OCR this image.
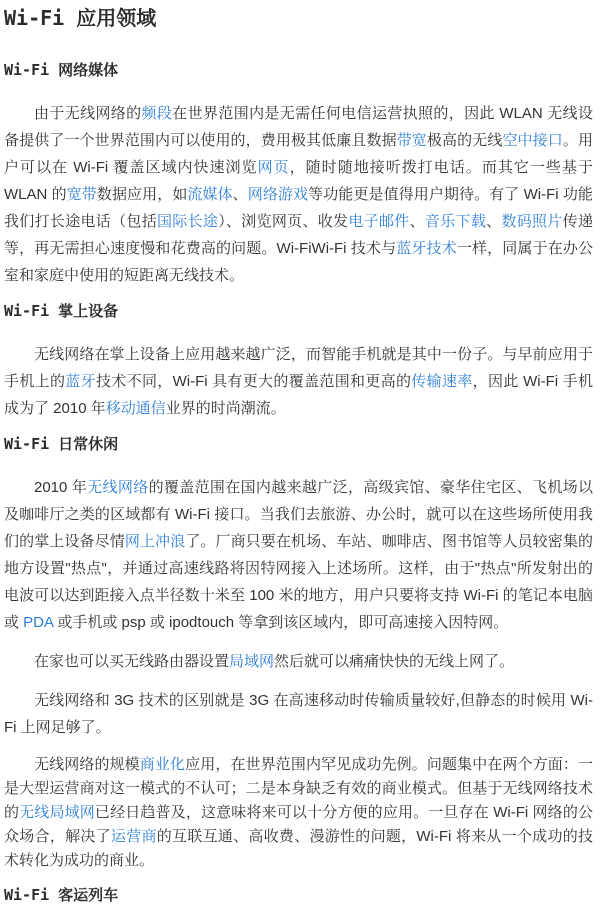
Wi-Fi 应用领域
Wi-Fi 网络媒体

由于无线网络的频段在世界范围内是无需任何电信运营执照的，因此 WLAN 无线设备提供了一个世界范围内可以使用的，费用极其低廉且数据带宽极高的无线空中接口。用户可以在 Wi-Fi 覆盖区域内快速浏览网页，随时随地接听拨打电话。而其它一些基于 WLAN 的宽带数据应用，如流媒体、网络游戏等功能更是值得用户期待。有了 Wi-Fi 功能我们打长途电话（包括国际长途）、浏览网页、收发电子邮件、音乐下载、数码照片传递等，再无需担心速度慢和花费高的问题。Wi-FiWi-Fi 技术与蓝牙技术一样，同属于在办公室和家庭中使用的短距离无线技术。

Wi-Fi 掌上设备

无线网络在掌上设备上应用越来越广泛，而智能手机就是其中一份子。与早前应用于手机上的蓝牙技术不同，Wi-Fi 具有更大的覆盖范围和更高的传输速率，因此 Wi-Fi 手机成为了 2010 年移动通信业界的时尚潮流。

Wi-Fi 日常休闲

2010 年无线网络的覆盖范围在国内越来越广泛，高级宾馆、豪华住宅区、飞机场以及咖啡厅之类的区域都有 Wi-Fi 接口。当我们去旅游、办公时，就可以在这些场所使用我们的掌上设备尽情网上冲浪了。厂商只要在机场、车站、咖啡店、图书馆等人员较密集的地方设置"热点"，并通过高速线路将因特网接入上述场所。这样，由于"热点"所发射出的电波可以达到距接入点半径数十米至 100 米的地方，用户只要将支持 Wi-Fi 的笔记本电脑或 PDA 或手机或 psp 或 ipodtouch 等拿到该区域内，即可高速接入因特网。

在家也可以买无线路由器设置局域网然后就可以痛痛快快的无线上网了。

无线网络和 3G 技术的区别就是 3G 在高速移动时传输质量较好,但静态的时候用 Wi-Fi 上网足够了。

无线网络的规模商业化应用，在世界范围内罕见成功先例。问题集中在两个方面：一是大型运营商对这一模式的不认可；二是本身缺乏有效的商业模式。但基于无线网络技术的无线局域网已经日趋普及，这意味将来可以十分方便的应用。一旦存在 Wi-Fi 网络的公众场合，解决了运营商的互联互通、高收费、漫游性的问题，Wi-Fi 将来从一个成功的技术转化为成功的商业。

Wi-Fi 客运列车
